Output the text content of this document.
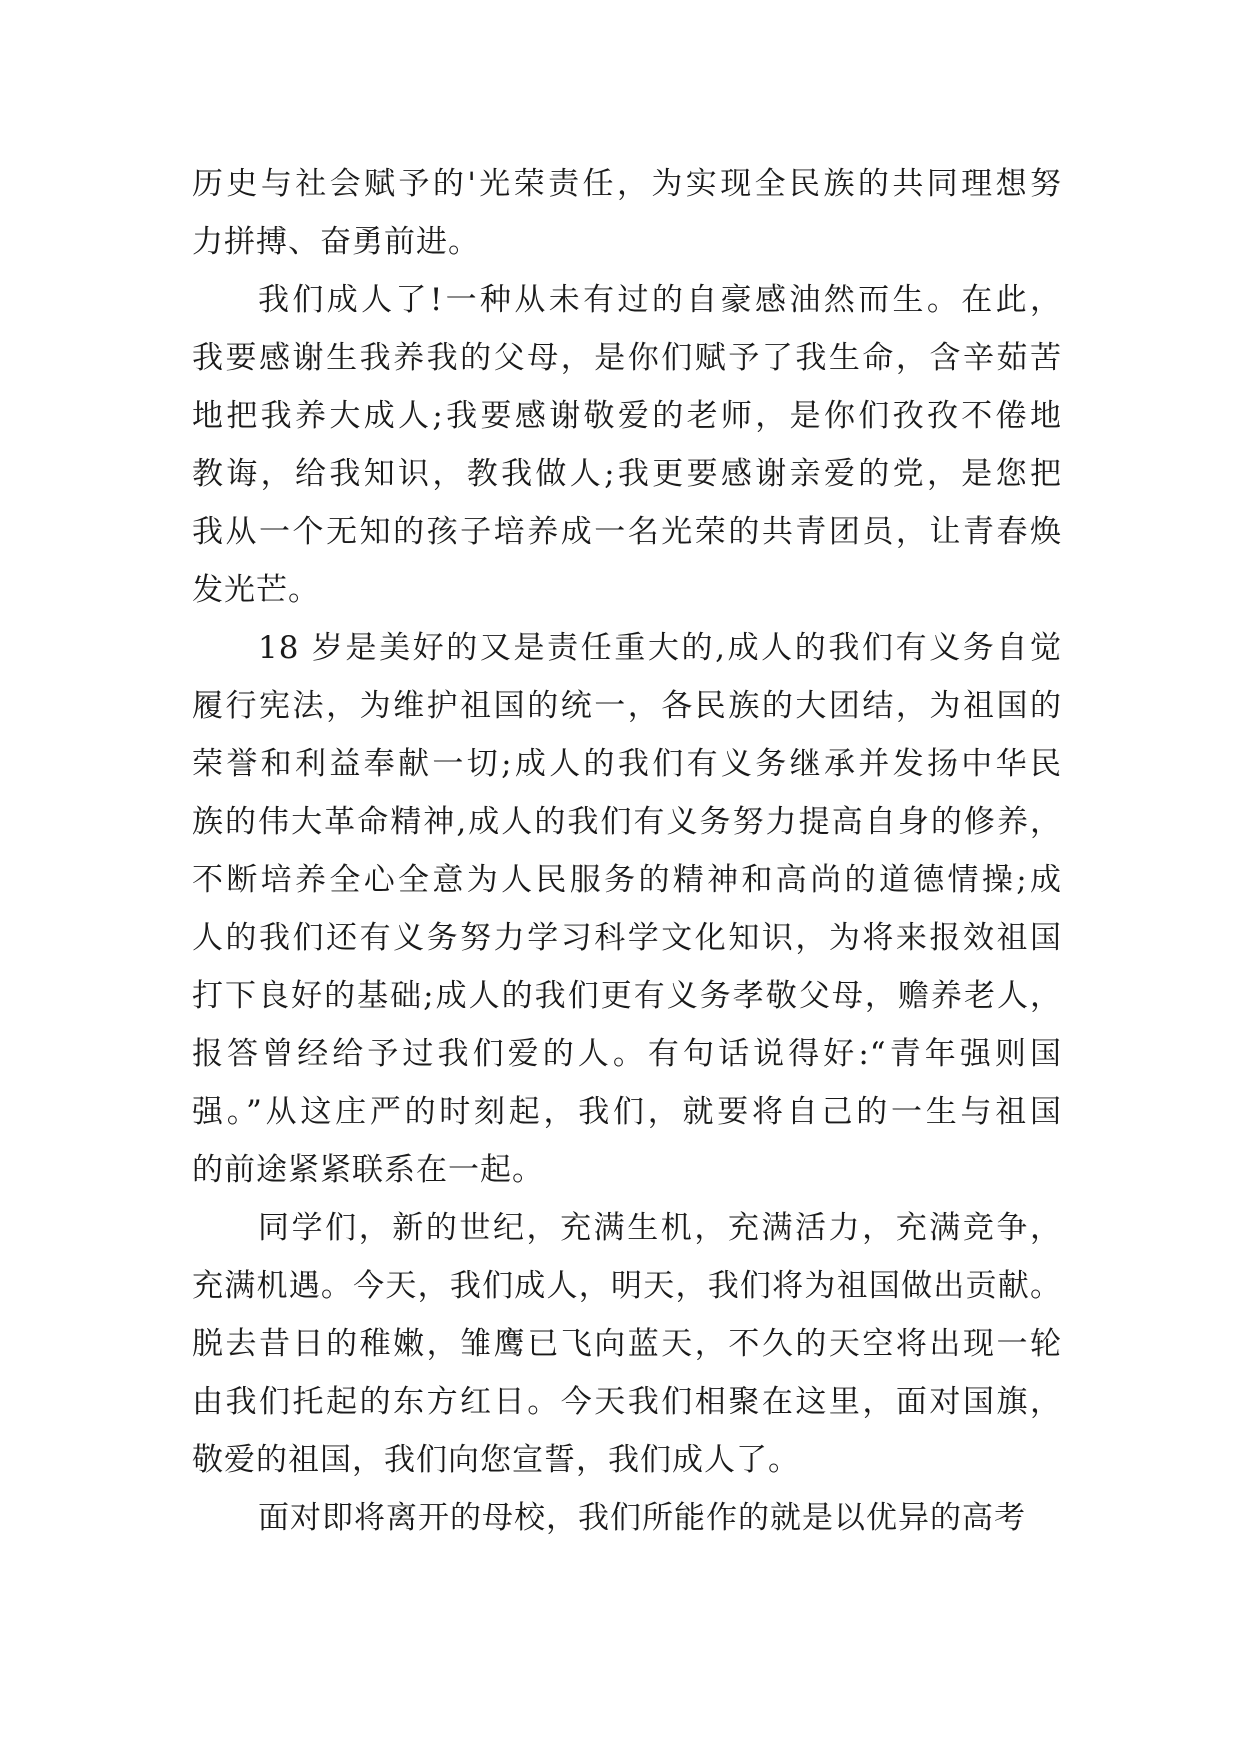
历史与社会赋予的'光荣责任，为实现全民族的共同理想努
力拼搏、奋勇前进。
我们成人了!一种从未有过的自豪感油然而生。在此，
我要感谢生我养我的父母，是你们赋予了我生命，含辛茹苦
地把我养大成人;我要感谢敬爱的老师，是你们孜孜不倦地
教诲，给我知识，教我做人;我更要感谢亲爱的党，是您把
我从一个无知的孩子培养成一名光荣的共青团员，让青春焕
发光芒。
18 岁是美好的又是责任重大的,成人的我们有义务自觉
履行宪法，为维护祖国的统一，各民族的大团结，为祖国的
荣誉和利益奉献一切;成人的我们有义务继承并发扬中华民
族的伟大革命精神,成人的我们有义务努力提高自身的修养，
不断培养全心全意为人民服务的精神和高尚的道德情操;成
人的我们还有义务努力学习科学文化知识，为将来报效祖国
打下良好的基础;成人的我们更有义务孝敬父母，赡养老人，
报答曾经给予过我们爱的人。有句话说得好:“青年强则国
强。”从这庄严的时刻起，我们，就要将自己的一生与祖国
的前途紧紧联系在一起。
同学们，新的世纪，充满生机，充满活力，充满竞争，
充满机遇。今天，我们成人，明天，我们将为祖国做出贡献。
脱去昔日的稚嫩，雏鹰已飞向蓝天，不久的天空将出现一轮
由我们托起的东方红日。今天我们相聚在这里，面对国旗，
敬爱的祖国，我们向您宣誓，我们成人了。
面对即将离开的母校，我们所能作的就是以优异的高考
